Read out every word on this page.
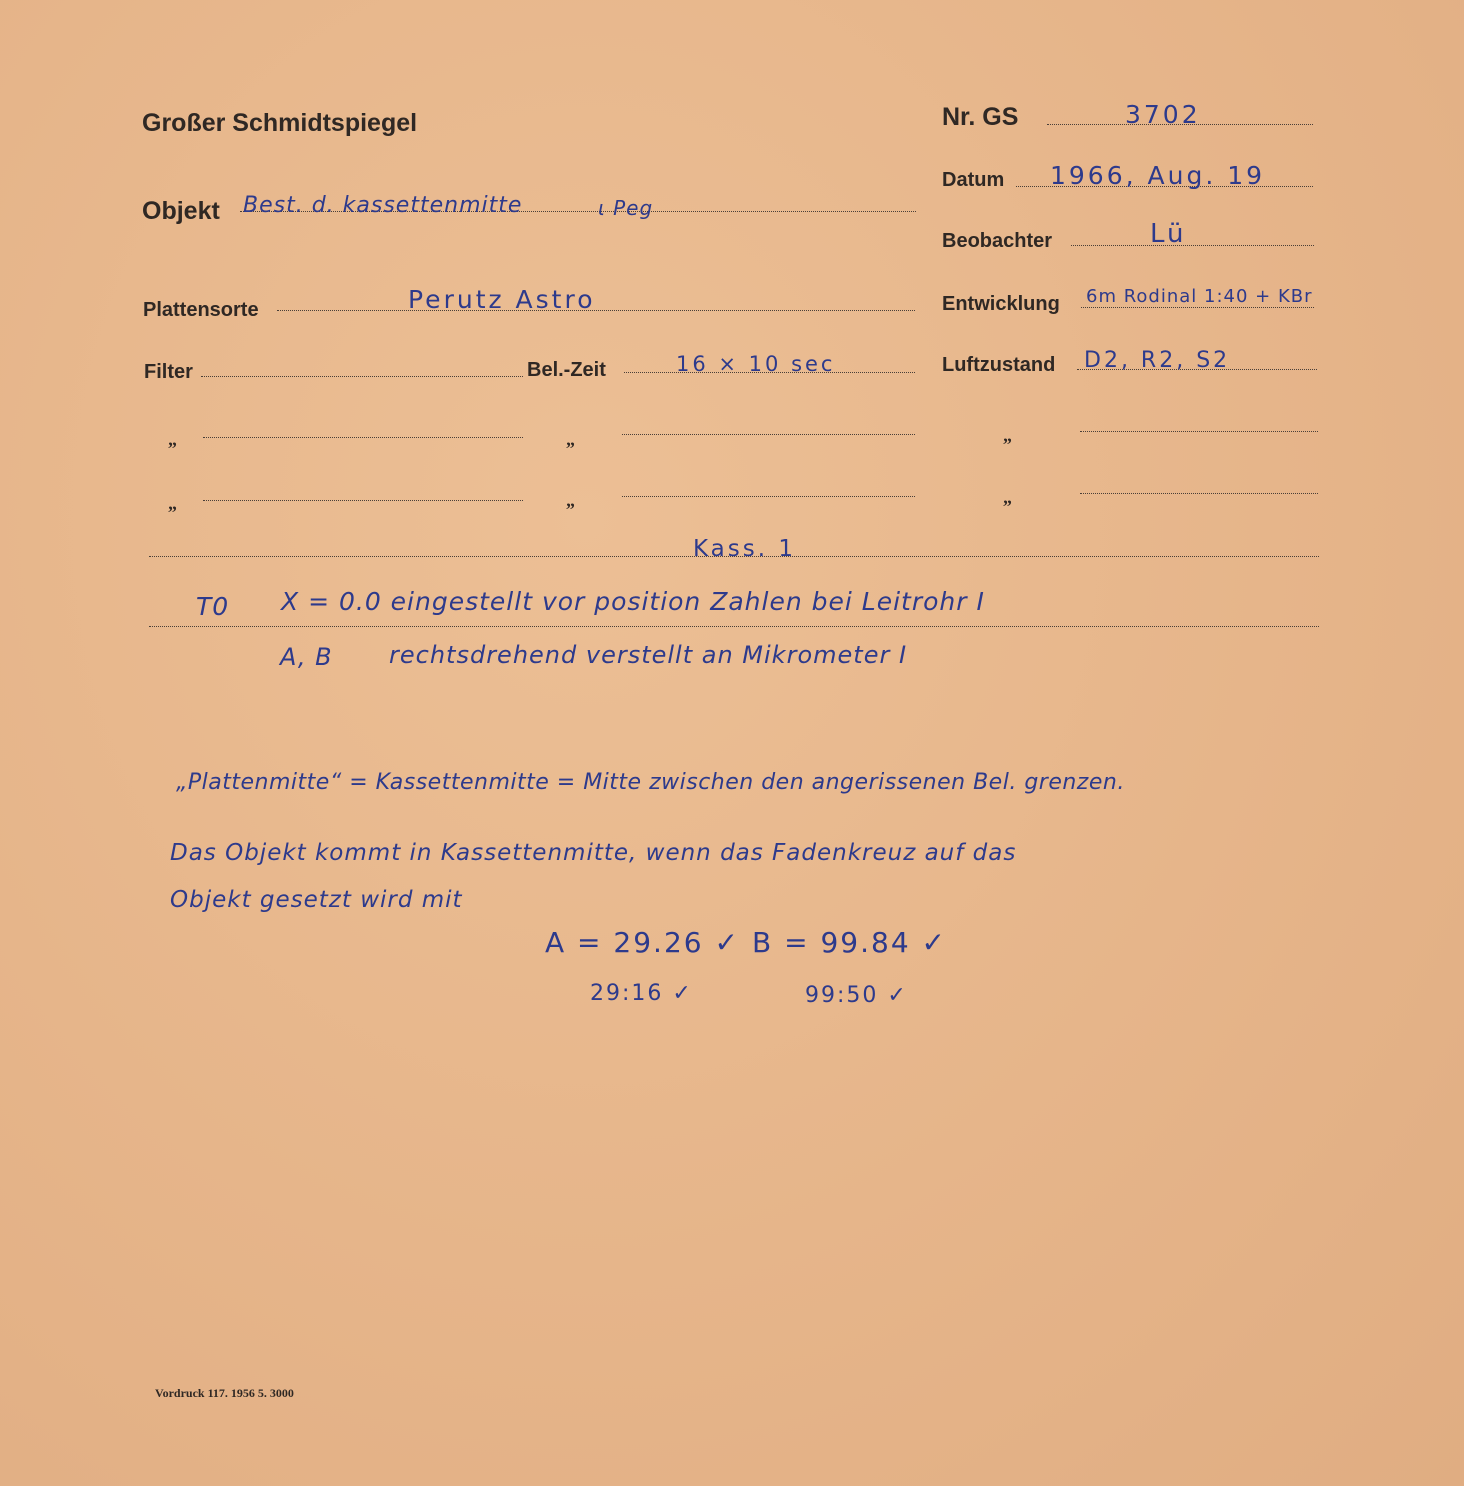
Großer Schmidtspiegel	Nr. GS	3702
Datum 1966, Aug. 19
Objekt Best. d. kassettenmitte	ι Peg
Beobachter	Lü
Plattensorte	Perutz Astro	Entwicklung 6m Rodinal 1:40 + KBr
Filter	Bel.-Zeit	16 × 10 sec	Luftzustand D2, R2, S2
„	„	„
„	„	„
Kass. 1
T0 X = 0.0 eingestellt vor position Zahlen bei Leitrohr I
A, B rechtsdrehend verstellt an Mikrometer I
„Plattenmitte“ = Kassettenmitte = Mitte zwischen den angerissenen Bel. grenzen.
Das Objekt kommt in Kassettenmitte, wenn das Fadenkreuz auf das
Objekt gesetzt wird mit
A = 29.26 ✓ B = 99.84 ✓
29:16 ✓	99:50 ✓
Vordruck 117. 1956 5. 3000
